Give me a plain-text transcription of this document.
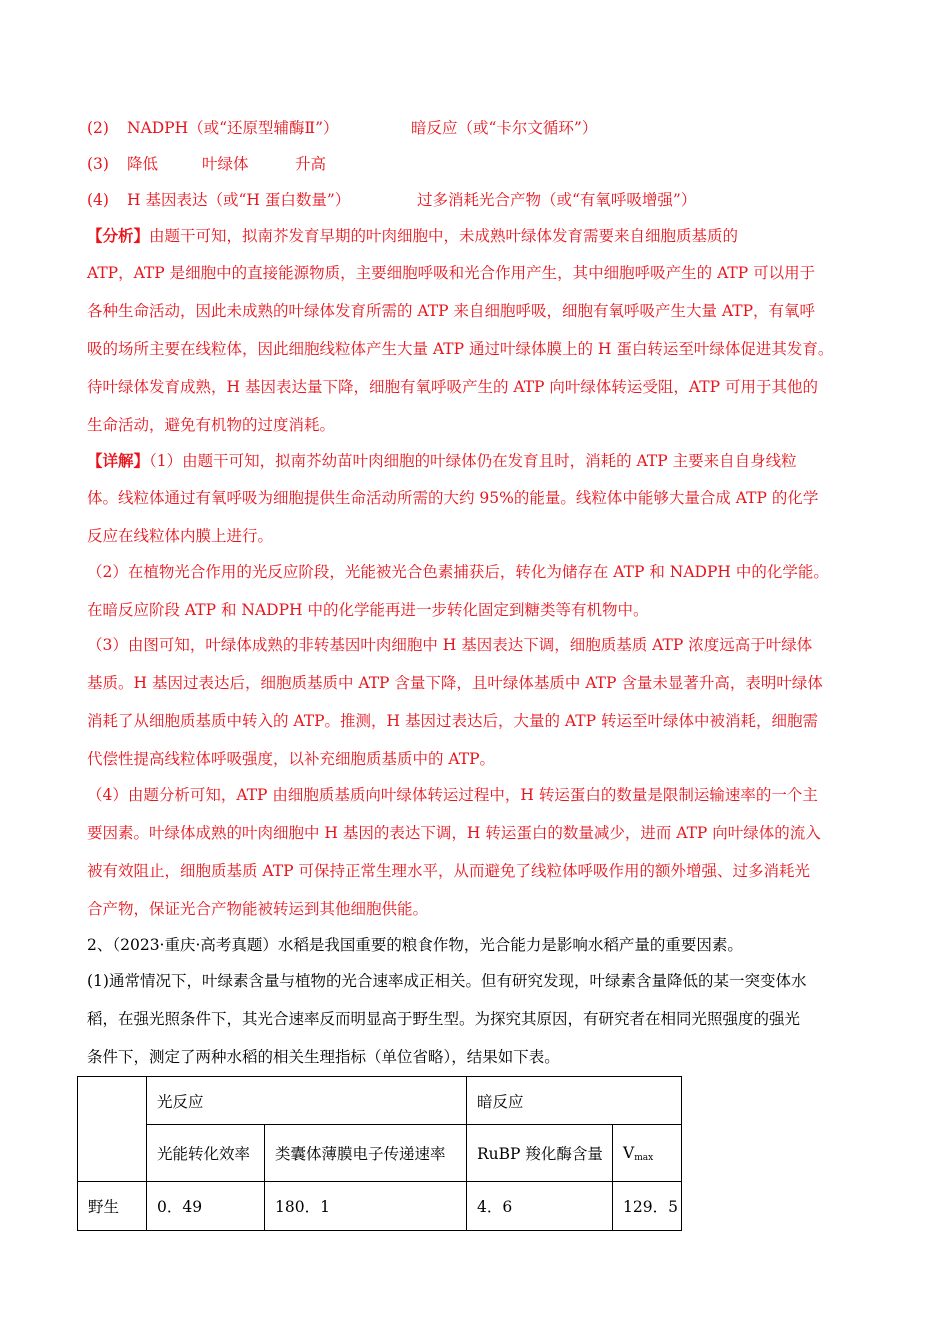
(2) NADPH（或“还原型辅酶Ⅱ”）	暗反应（或“卡尔文循环”）
(3) 降低	叶绿体	升高
(4) H 基因表达（或“H 蛋白数量”）	过多消耗光合产物（或“有氧呼吸增强”）
【分析】由题干可知，拟南芥发育早期的叶肉细胞中，未成熟叶绿体发育需要来自细胞质基质的
ATP，ATP 是细胞中的直接能源物质，主要细胞呼吸和光合作用产生，其中细胞呼吸产生的 ATP 可以用于
各种生命活动，因此未成熟的叶绿体发育所需的 ATP 来自细胞呼吸，细胞有氧呼吸产生大量 ATP，有氧呼
吸的场所主要在线粒体，因此细胞线粒体产生大量 ATP 通过叶绿体膜上的 H 蛋白转运至叶绿体促进其发育。
待叶绿体发育成熟，H 基因表达量下降，细胞有氧呼吸产生的 ATP 向叶绿体转运受阻，ATP 可用于其他的
生命活动，避免有机物的过度消耗。
【详解】（1）由题干可知，拟南芥幼苗叶肉细胞的叶绿体仍在发育且时，消耗的 ATP 主要来自自身线粒
体。线粒体通过有氧呼吸为细胞提供生命活动所需的大约 95%的能量。线粒体中能够大量合成 ATP 的化学
反应在线粒体内膜上进行。
（2）在植物光合作用的光反应阶段，光能被光合色素捕获后，转化为储存在 ATP 和 NADPH 中的化学能。
在暗反应阶段 ATP 和 NADPH 中的化学能再进一步转化固定到糖类等有机物中。
（3）由图可知，叶绿体成熟的非转基因叶肉细胞中 H 基因表达下调，细胞质基质 ATP 浓度远高于叶绿体
基质。H 基因过表达后，细胞质基质中 ATP 含量下降，且叶绿体基质中 ATP 含量未显著升高，表明叶绿体
消耗了从细胞质基质中转入的 ATP。推测，H 基因过表达后，大量的 ATP 转运至叶绿体中被消耗，细胞需
代偿性提高线粒体呼吸强度，以补充细胞质基质中的 ATP。
（4）由题分析可知，ATP 由细胞质基质向叶绿体转运过程中，H 转运蛋白的数量是限制运输速率的一个主
要因素。叶绿体成熟的叶肉细胞中 H 基因的表达下调，H 转运蛋白的数量减少，进而 ATP 向叶绿体的流入
被有效阻止，细胞质基质 ATP 可保持正常生理水平，从而避免了线粒体呼吸作用的额外增强、过多消耗光
合产物，保证光合产物能被转运到其他细胞供能。
2、（2023·重庆·高考真题）水稻是我国重要的粮食作物，光合能力是影响水稻产量的重要因素。
(1)通常情况下，叶绿素含量与植物的光合速率成正相关。但有研究发现，叶绿素含量降低的某一突变体水
稻，在强光照条件下，其光合速率反而明显高于野生型。为探究其原因，有研究者在相同光照强度的强光
条件下，测定了两种水稻的相关生理指标（单位省略），结果如下表。
	光反应		暗反应	
	光能转化效率	类囊体薄膜电子传递速率	RuBP 羧化酶含量	$V_{max}$
野生	0．49	180．1	4．6	129．5
